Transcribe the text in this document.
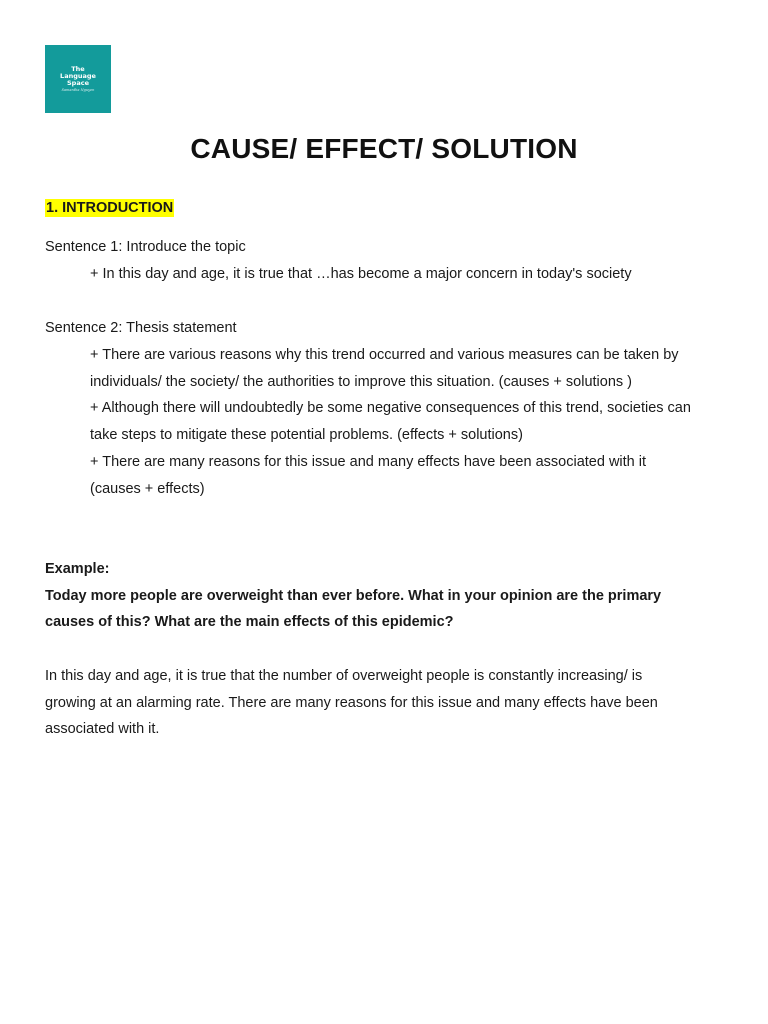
The
Language
Space
Samantha Nguyen
CAUSE/ EFFECT/ SOLUTION
1. INTRODUCTION
Sentence 1: Introduce the topic
+ In this day and age, it is true that …has become a major concern in today's society
Sentence 2: Thesis statement
+ There are various reasons why this trend occurred and various measures can be taken by
individuals/ the society/ the authorities to improve this situation. (causes + solutions )
+ Although there will undoubtedly be some negative consequences of this trend, societies can
take steps to mitigate these potential problems. (effects + solutions)
+ There are many reasons for this issue and many effects have been associated with it
(causes + effects)
Example:
Today more people are overweight than ever before. What in your opinion are the primary
causes of this? What are the main effects of this epidemic?
In this day and age, it is true that the number of overweight people is constantly increasing/ is
growing at an alarming rate. There are many reasons for this issue and many effects have been
associated with it.
